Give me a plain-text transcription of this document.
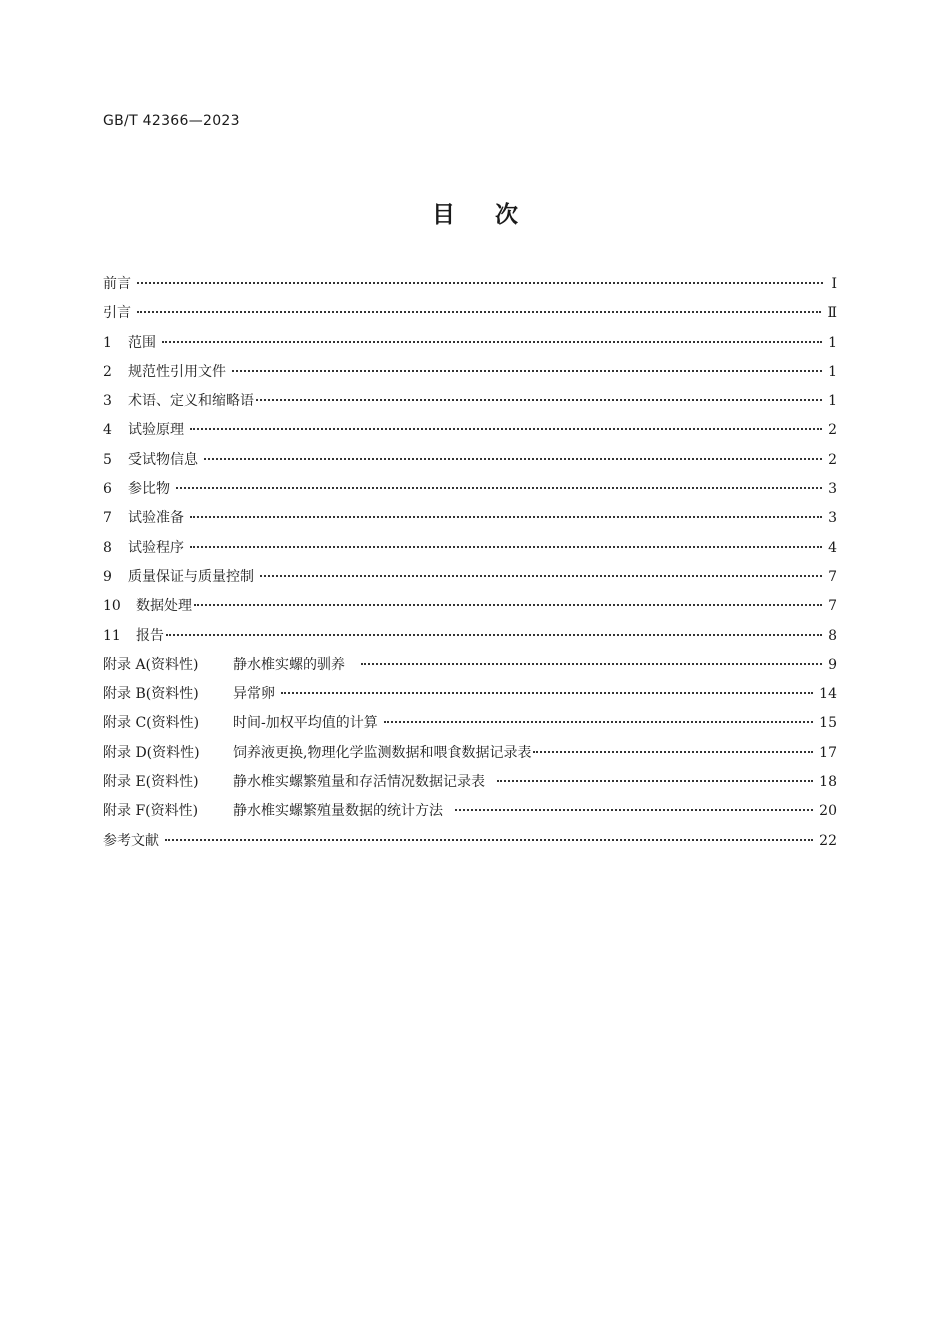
GB/T 42366—2023
目次
前言	Ⅰ
引言	Ⅱ
1	范围	1
2	规范性引用文件	1
3	术语、定义和缩略语	1
4	试验原理	2
5	受试物信息	2
6	参比物	3
7	试验准备	3
8	试验程序	4
9	质量保证与质量控制	7
10	数据处理	7
11	报告	8
附录 A(资料性)	静水椎实螺的驯养	9
附录 B(资料性)	异常卵	14
附录 C(资料性)	时间-加权平均值的计算	15
附录 D(资料性)	饲养液更换,物理化学监测数据和喂食数据记录表	17
附录 E(资料性)	静水椎实螺繁殖量和存活情况数据记录表	18
附录 F(资料性)	静水椎实螺繁殖量数据的统计方法	20
参考文献	22
